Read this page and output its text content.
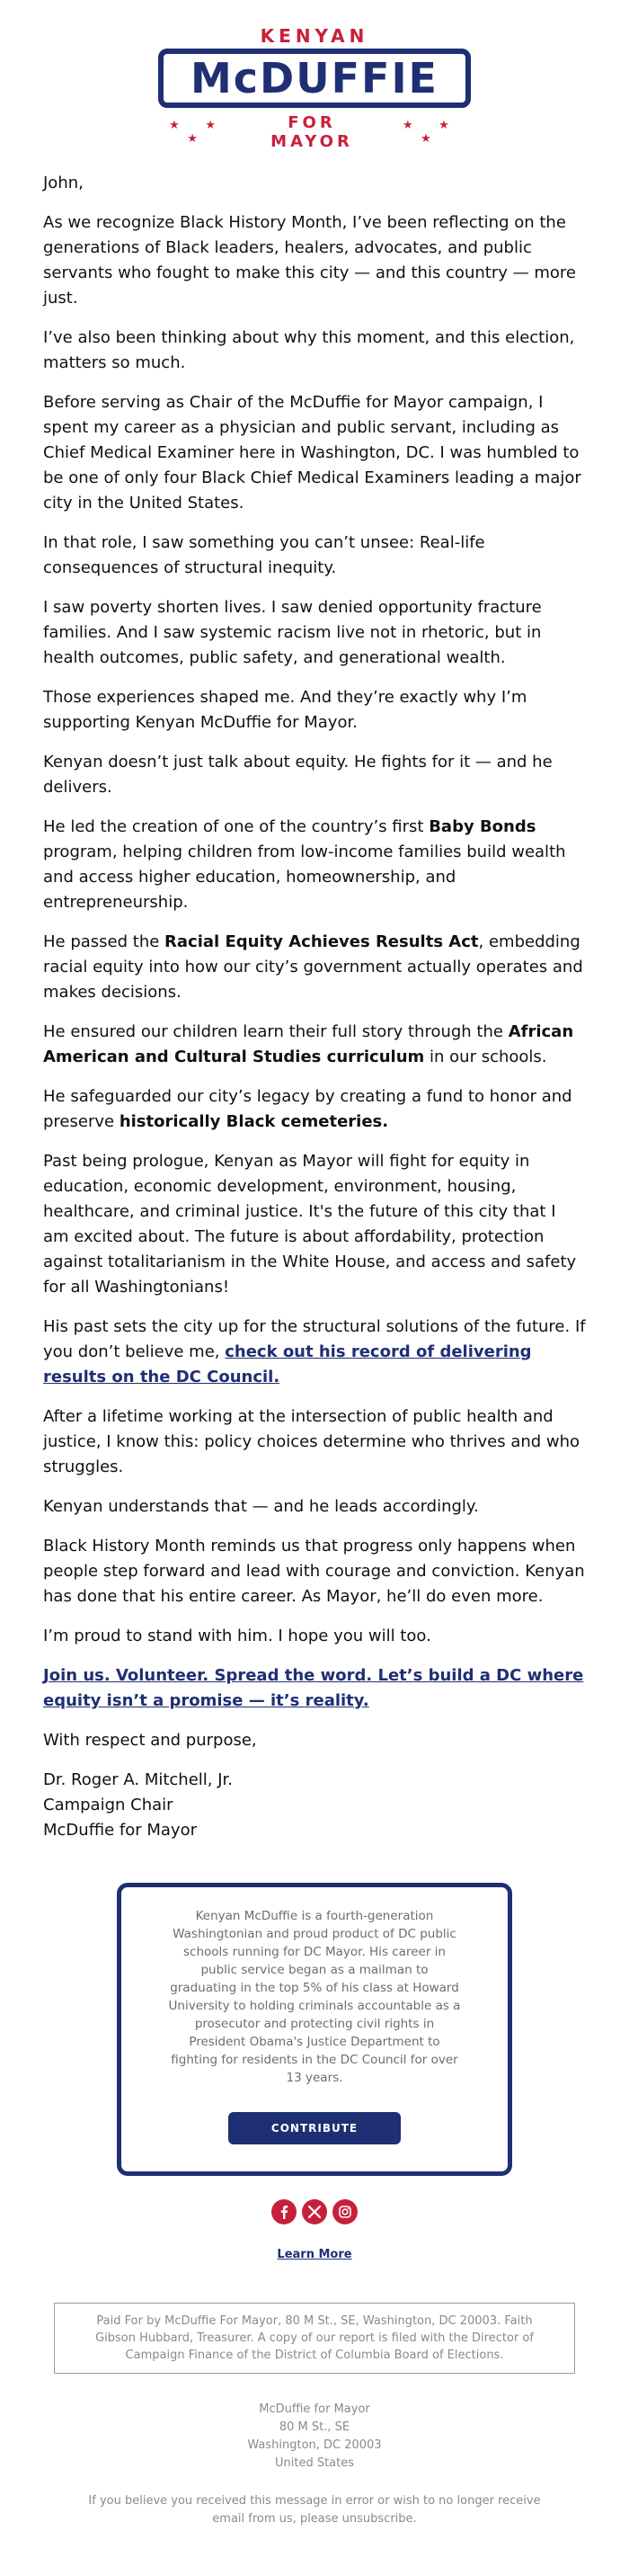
KENYAN
McDUFFIE
★ ★ ★
FOR MAYOR
★ ★ ★

John,

As we recognize Black History Month, I’ve been reflecting on the generations of Black leaders, healers, advocates, and public servants who fought to make this city — and this country — more just.

I’ve also been thinking about why this moment, and this election, matters so much.

Before serving as Chair of the McDuffie for Mayor campaign, I spent my career as a physician and public servant, including as Chief Medical Examiner here in Washington, DC. I was humbled to be one of only four Black Chief Medical Examiners leading a major city in the United States.

In that role, I saw something you can’t unsee: Real-life consequences of structural inequity.

I saw poverty shorten lives. I saw denied opportunity fracture families. And I saw systemic racism live not in rhetoric, but in health outcomes, public safety, and generational wealth.

Those experiences shaped me. And they’re exactly why I’m supporting Kenyan McDuffie for Mayor.

Kenyan doesn’t just talk about equity. He fights for it — and he delivers.

He led the creation of one of the country’s first Baby Bonds program, helping children from low-income families build wealth and access higher education, homeownership, and entrepreneurship.

He passed the Racial Equity Achieves Results Act, embedding racial equity into how our city’s government actually operates and makes decisions.

He ensured our children learn their full story through the African American and Cultural Studies curriculum in our schools.

He safeguarded our city’s legacy by creating a fund to honor and preserve historically Black cemeteries.

Past being prologue, Kenyan as Mayor will fight for equity in education, economic development, environment, housing, healthcare, and criminal justice. It's the future of this city that I am excited about. The future is about affordability, protection against totalitarianism in the White House, and access and safety for all Washingtonians!

His past sets the city up for the structural solutions of the future. If you don’t believe me, check out his record of delivering results on the DC Council.

After a lifetime working at the intersection of public health and justice, I know this: policy choices determine who thrives and who struggles.

Kenyan understands that — and he leads accordingly.

Black History Month reminds us that progress only happens when people step forward and lead with courage and conviction. Kenyan has done that his entire career. As Mayor, he’ll do even more.

I’m proud to stand with him. I hope you will too.

Join us. Volunteer. Spread the word. Let’s build a DC where equity isn’t a promise — it’s reality.

With respect and purpose,

Dr. Roger A. Mitchell, Jr.

Campaign Chair

McDuffie for Mayor

Kenyan McDuffie is a fourth-generation Washingtonian and proud product of DC public schools running for DC Mayor. His career in public service began as a mailman to graduating in the top 5% of his class at Howard University to holding criminals accountable as a prosecutor and protecting civil rights in President Obama's Justice Department to fighting for residents in the DC Council for over 13 years.
CONTRIBUTE
Learn More
Paid For by McDuffie For Mayor, 80 M St., SE, Washington, DC 20003. Faith Gibson Hubbard, Treasurer. A copy of our report is filed with the Director of Campaign Finance of the District of Columbia Board of Elections.
McDuffie for Mayor
80 M St., SE
Washington, DC 20003
United States
If you believe you received this message in error or wish to no longer receive email from us, please unsubscribe.
